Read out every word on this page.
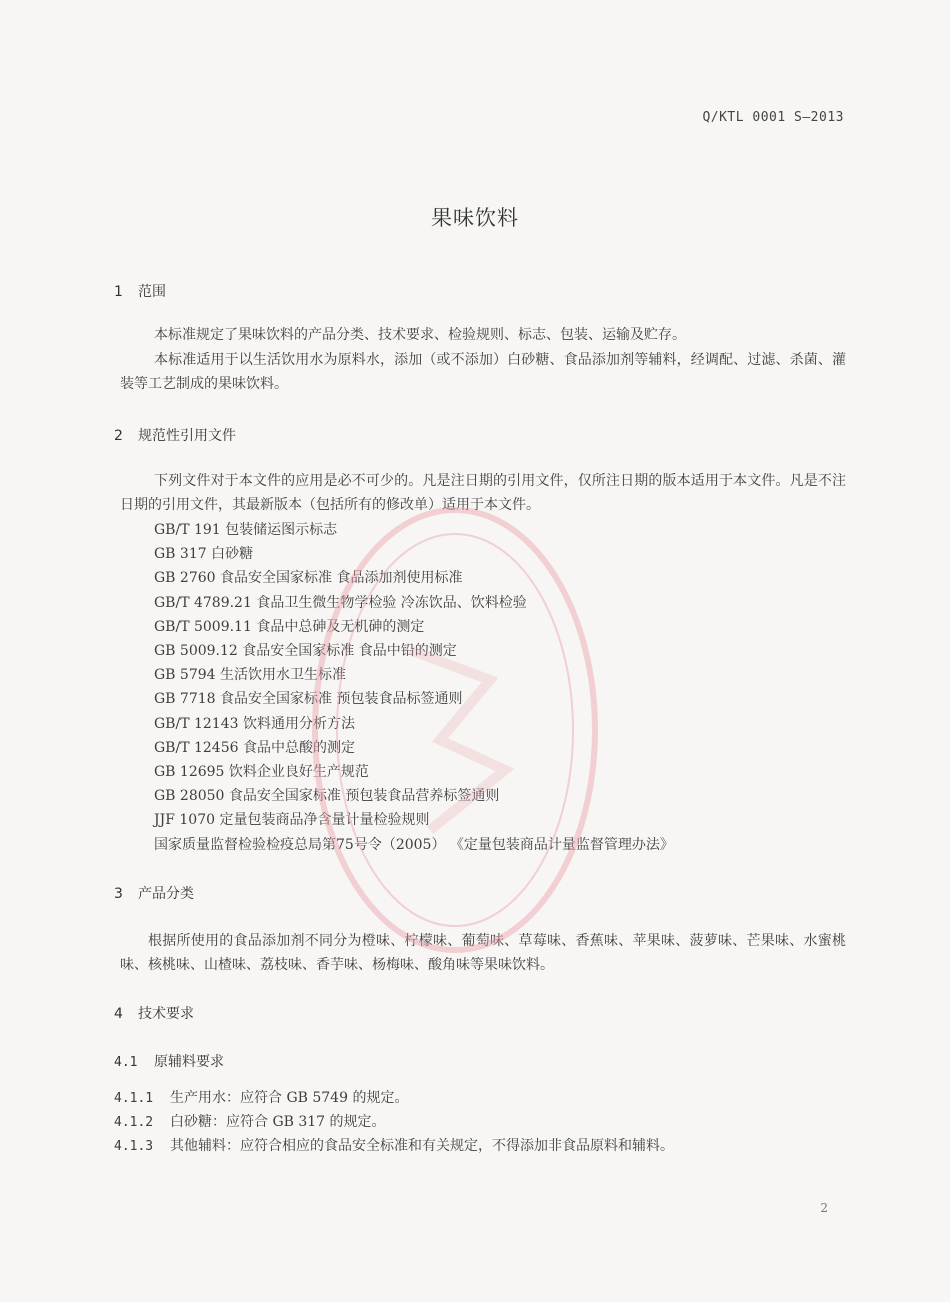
Q/KTL 0001 S—2013
果味饮料
1 范围
本标准规定了果味饮料的产品分类、技术要求、检验规则、标志、包装、运输及贮存。
本标准适用于以生活饮用水为原料水，添加（或不添加）白砂糖、食品添加剂等辅料，经调配、过滤、杀菌、灌装等工艺制成的果味饮料。
2 规范性引用文件
下列文件对于本文件的应用是必不可少的。凡是注日期的引用文件，仅所注日期的版本适用于本文件。凡是不注日期的引用文件，其最新版本（包括所有的修改单）适用于本文件。
GB/T 191 包装储运图示标志
GB 317 白砂糖
GB 2760 食品安全国家标准 食品添加剂使用标准
GB/T 4789.21 食品卫生微生物学检验 冷冻饮品、饮料检验
GB/T 5009.11 食品中总砷及无机砷的测定
GB 5009.12 食品安全国家标准 食品中铅的测定
GB 5794 生活饮用水卫生标准
GB 7718 食品安全国家标准 预包装食品标签通则
GB/T 12143 饮料通用分析方法
GB/T 12456 食品中总酸的测定
GB 12695 饮料企业良好生产规范
GB 28050 食品安全国家标准 预包装食品营养标签通则
JJF 1070 定量包装商品净含量计量检验规则
国家质量监督检验检疫总局第75号令（2005） 《定量包装商品计量监督管理办法》
3 产品分类
根据所使用的食品添加剂不同分为橙味、柠檬味、葡萄味、草莓味、香蕉味、苹果味、菠萝味、芒果味、水蜜桃味、核桃味、山楂味、荔枝味、香芋味、杨梅味、酸角味等果味饮料。
4 技术要求
4.1 原辅料要求
4.1.1 生产用水：应符合 GB 5749 的规定。
4.1.2 白砂糖：应符合 GB 317 的规定。
4.1.3 其他辅料：应符合相应的食品安全标准和有关规定，不得添加非食品原料和辅料。
2
